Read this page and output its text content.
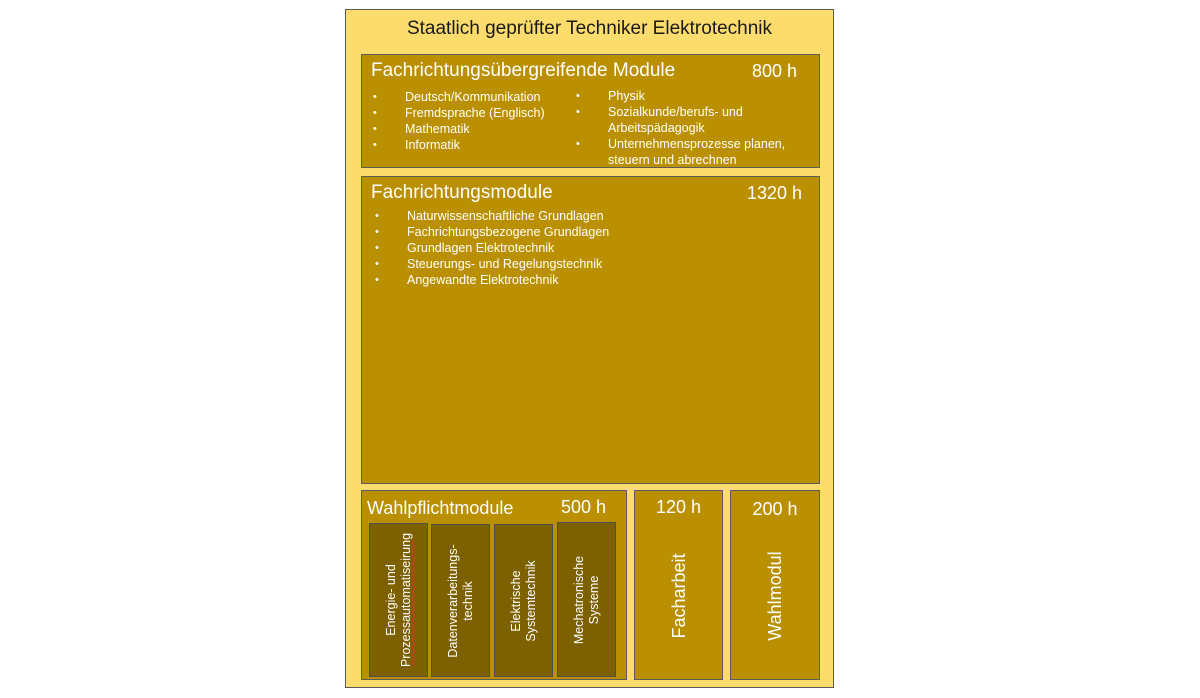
Staatlich geprüfter Techniker Elektrotechnik
Fachrichtungsübergreifende Module	800 h
• Deutsch/Kommunikation
• Fremdsprache (Englisch)
• Mathematik
• Informatik
• Physik
• Sozialkunde/berufs- und
Arbeitspädagogik
• Unternehmensprozesse planen,
steuern und abrechnen
Fachrichtungsmodule	1320 h
• Naturwissenschaftliche Grundlagen
• Fachrichtungsbezogene Grundlagen
• Grundlagen Elektrotechnik
• Steuerungs- und Regelungstechnik
• Angewandte Elektrotechnik
Wahlpflichtmodule	500 h
Energie- und
Prozessautomatiseirung	Datenverarbeitungs-
technik	Elektrische
Systemtechnik	Mechatronische
Systeme
120 h
Facharbeit
200 h
Wahlmodul
